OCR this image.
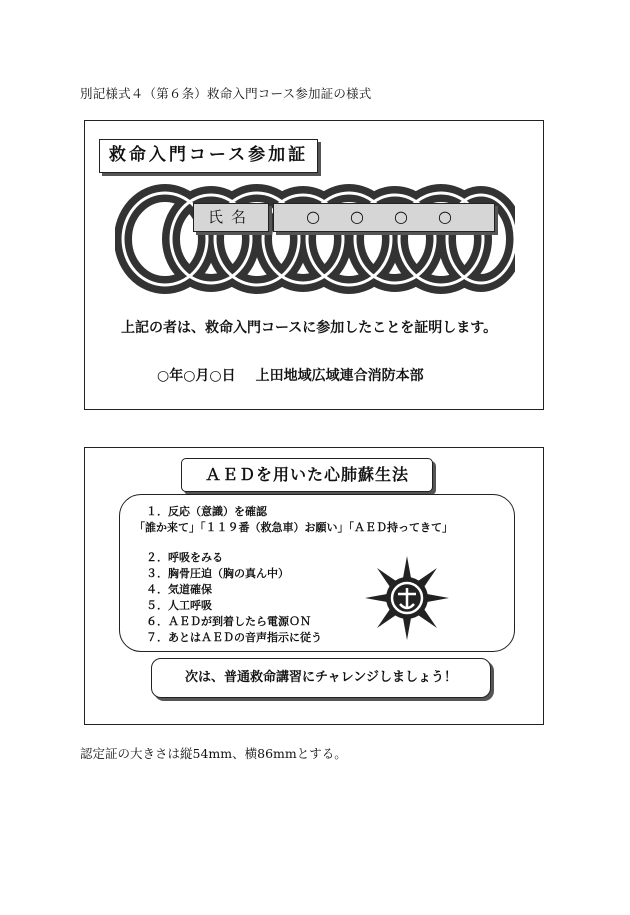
別記様式４（第６条）救命入門コース参加証の様式
救命入門コース参加証
氏名	○○○○
上記の者は、救命入門コースに参加したことを証明します。
○年○月○日 上田地域広域連合消防本部
ＡＥＤを用いた心肺蘇生法
１．反応（意識）を確認
「誰か来て」「１１９番（救急車）お願い」「ＡＥＤ持ってきて」
２．呼吸をみる
３．胸骨圧迫（胸の真ん中）
４．気道確保
５．人工呼吸
６．ＡＥＤが到着したら電源ＯＮ
７．あとはＡＥＤの音声指示に従う
次は、普通救命講習にチャレンジしましょう！
認定証の大きさは縦54mm、横86mmとする。
